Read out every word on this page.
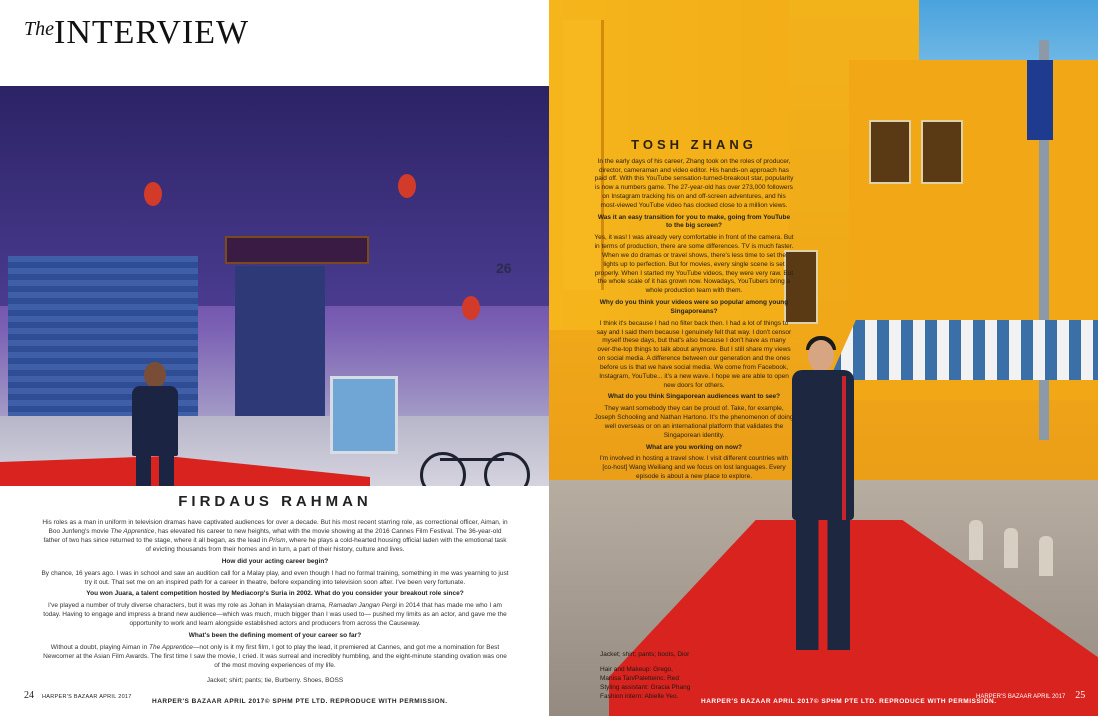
TheINTERVIEW
26
FIRDAUS RAHMAN

His roles as a man in uniform in television dramas have captivated audiences for over a decade. But his most recent starring role, as correctional officer, Aiman, in Boo Junfeng's movie The Apprentice, has elevated his career to new heights, what with the movie showing at the 2016 Cannes Film Festival. The 36-year-old father of two has since returned to the stage, where it all began, as the lead in Prism, where he plays a cold-hearted housing official laden with the emotional task of evicting thousands from their homes and in turn, a part of their history, culture and lives.

How did your acting career begin?

By chance, 16 years ago. I was in school and saw an audition call for a Malay play, and even though I had no formal training, something in me was yearning to just try it out. That set me on an inspired path for a career in theatre, before expanding into television soon after. I've been very fortunate.

You won Juara, a talent competition hosted by Mediacorp's Suria in 2002. What do you consider your breakout role since?

I've played a number of truly diverse characters, but it was my role as Johan in Malaysian drama, Ramadan Jangan Pergi in 2014 that has made me who I am today. Having to engage and impress a brand new audience—which was much, much bigger than I was used to— pushed my limits as an actor, and gave me the opportunity to work and learn alongside established actors and producers from across the Causeway.

What's been the defining moment of your career so far?

Without a doubt, playing Aiman in The Apprentice—not only is it my first film, I got to play the lead, it premiered at Cannes, and got me a nomination for Best Newcomer at the Asian Film Awards. The first time I saw the movie, I cried. It was surreal and incredibly humbling, and the eight-minute standing ovation was one of the most moving experiences of my life.

Jacket; shirt; pants; tie, Burberry. Shoes, BOSS

24 HARPER'S BAZAAR APRIL 2017
HARPER'S BAZAAR APRIL 2017© SPHM PTE LTD. REPRODUCE WITH PERMISSION.
TOSH ZHANG

In the early days of his career, Zhang took on the roles of producer, director, cameraman and video editor. His hands-on approach has paid off. With this YouTube sensation-turned-breakout star, popularity is now a numbers game. The 27-year-old has over 273,000 followers on Instagram tracking his on and off-screen adventures, and his most-viewed YouTube video has clocked close to a million views.

Was it an easy transition for you to make, going from YouTube to the big screen?

Yes, it was! I was already very comfortable in front of the camera. But in terms of production, there are some differences. TV is much faster. When we do dramas or travel shows, there's less time to set the lights up to perfection. But for movies, every single scene is set properly. When I started my YouTube videos, they were very raw. But the whole scale of it has grown now. Nowadays, YouTubers bring a whole production team with them.

Why do you think your videos were so popular among young Singaporeans?

I think it's because I had no filter back then. I had a lot of things to say and I said them because I genuinely felt that way. I don't censor myself these days, but that's also because I don't have as many over-the-top things to talk about anymore. But I still share my views on social media. A difference between our generation and the ones before us is that we have social media. We come from Facebook, Instagram, YouTube... it's a new wave. I hope we are able to open new doors for others.

What do you think Singaporean audiences want to see?

They want somebody they can be proud of. Take, for example, Joseph Schooling and Nathan Hartono. It's the phenomenon of doing well overseas or on an international platform that validates the Singaporean identity.

What are you working on now?

I'm involved in hosting a travel show. I visit different countries with [co-host] Wang Weiliang and we focus on lost languages. Every episode is about a new place to explore.

Jacket; shirt; pants; boots, Dior

Hair and Makeup: Grego,

Manisa Tan/Paletteinc. Red

Styling assistant: Gracia Phang

Fashion intern: Abielle Yeo.

HARPER'S BAZAAR APRIL 2017© SPHM PTE LTD. REPRODUCE WITH PERMISSION.
HARPER'S BAZAAR APRIL 2017 25
